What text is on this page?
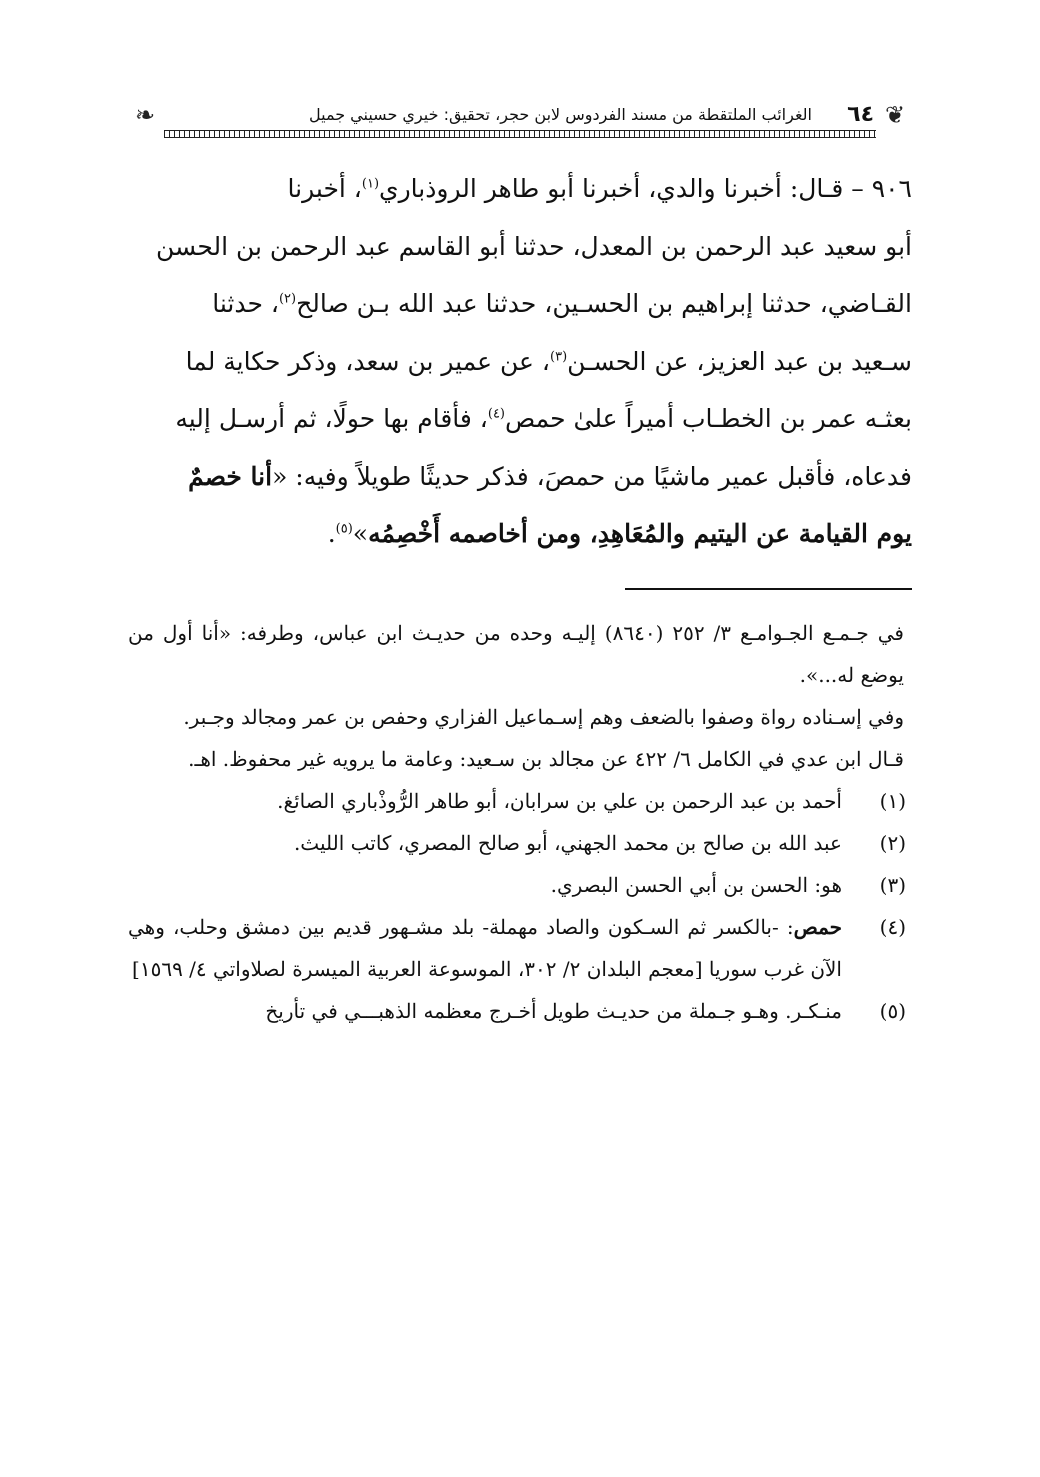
❦
٦٤
الغرائب الملتقطة من مسند الفردوس لابن حجر، تحقيق: خيري حسيني جميل
❧

٩٠٦ – قـال: أخبرنا والدي، أخبرنا أبو طاهر الروذباري$^{(١)}$، أخبرنا

أبو سعيد عبد الرحمن بن المعدل، حدثنا أبو القاسم عبد الرحمن بن الحسن

القـاضي، حدثنا إبراهيم بن الحسـين، حدثنا عبد الله بـن صالح$^{(٢)}$، حدثنا

سـعيد بن عبد العزيز، عن الحسـن$^{(٣)}$، عن عمير بن سعد، وذكر حكاية لما

بعثـه عمر بن الخطـاب أميراً علىٰ حمص$^{(٤)}$، فأقام بها حولًا، ثم أرسـل إليه

فدعاه، فأقبل عمير ماشيًا من حمصَ، فذكر حديثًا طويلاً وفيه: «أنا خصمٌ

يوم القيامة عن اليتيم والمُعَاهِدِ، ومن أخاصمه أَخْصِمُه»$^{(٥)}$.

في جـمـع الجـوامـع ٣/ ٢٥٢ (٨٦٤٠) إليـه وحده من حديـث ابن عباس، وطرفه: «أنا أول من يوضع له...».

وفي إسـناده رواة وصفوا بالضعف وهم إسـماعيل الفزاري وحفص بن عمر ومجالد وجـبر.

قـال ابن عدي في الكامل ٦/ ٤٢٢ عن مجالد بن سـعيد: وعامة ما يرويه غير محفوظ. اهـ.

(١)
أحمد بن عبد الرحمن بن علي بن سرابان، أبو طاهر الرُّوذْباري الصائغ.
(٢)
عبد الله بن صالح بن محمد الجهني، أبو صالح المصري، كاتب الليث.
(٣)
هو: الحسن بن أبي الحسن البصري.
(٤)
حمص: -بالكسر ثم السـكون والصاد مهملة- بلد مشـهور قديم بين دمشق وحلب، وهي الآن غرب سوريا [معجم البلدان ٢/ ٣٠٢، الموسوعة العربية الميسرة لصلاواتي ٤/ ١٥٦٩]
(٥)
منـكـر. وهـو جـملة من حديـث طويل أخـرج معظمه الذهبـــي في تأريخ
